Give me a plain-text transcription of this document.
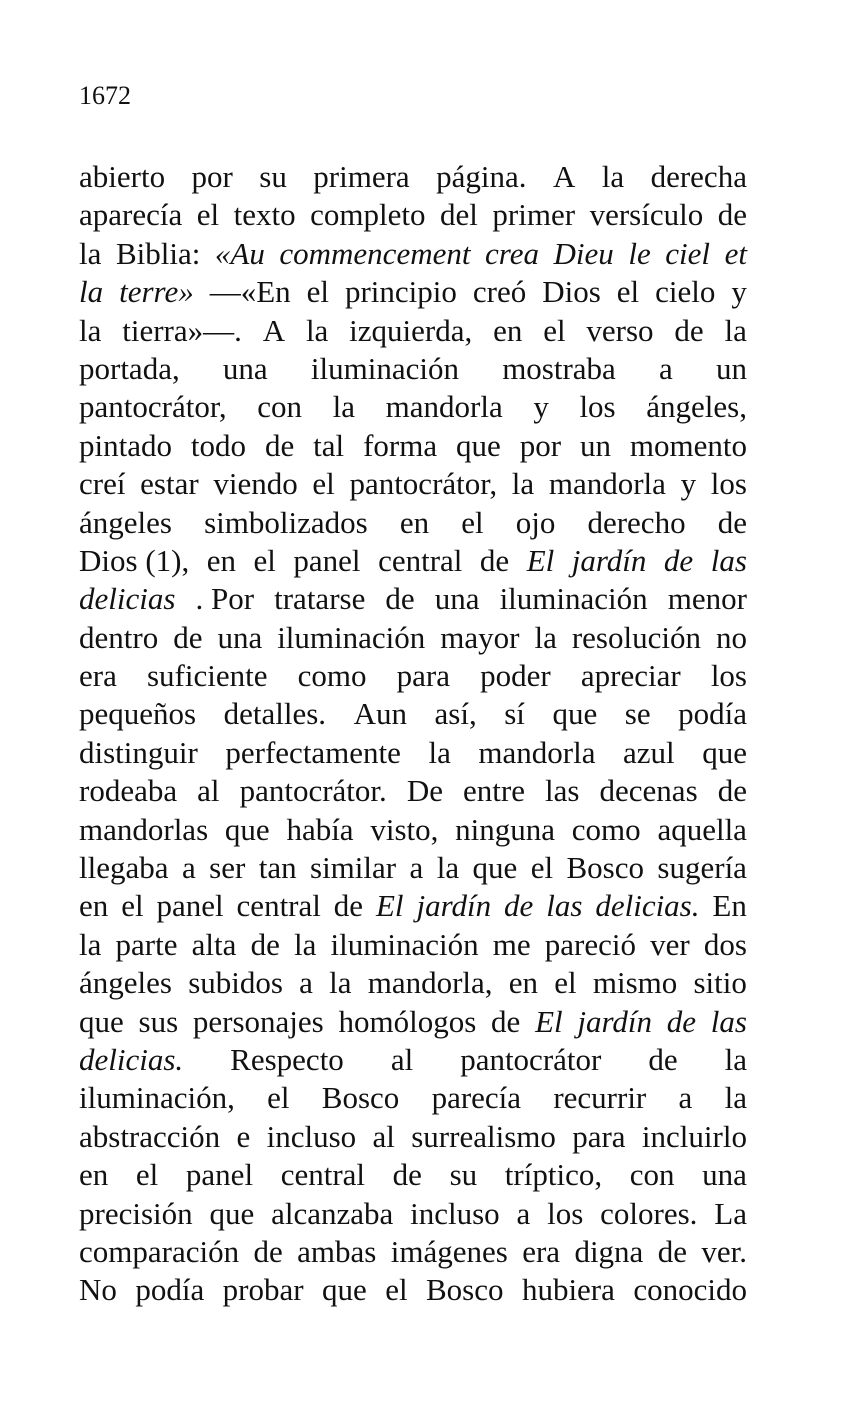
1672
abierto por su primera página. A la derecha
aparecía el texto completo del primer versículo de
la Biblia: «Au commencement crea Dieu le ciel et
la terre» —«En el principio creó Dios el cielo y
la tierra»—. A la izquierda, en el verso de la
portada, una iluminación mostraba a un
pantocrátor, con la mandorla y los ángeles,
pintado todo de tal forma que por un momento
creí estar viendo el pantocrátor, la mandorla y los
ángeles simbolizados en el ojo derecho de
Dios (1), en el panel central de El jardín de las
delicias . Por tratarse de una iluminación menor
dentro de una iluminación mayor la resolución no
era suficiente como para poder apreciar los
pequeños detalles. Aun así, sí que se podía
distinguir perfectamente la mandorla azul que
rodeaba al pantocrátor. De entre las decenas de
mandorlas que había visto, ninguna como aquella
llegaba a ser tan similar a la que el Bosco sugería
en el panel central de El jardín de las delicias. En
la parte alta de la iluminación me pareció ver dos
ángeles subidos a la mandorla, en el mismo sitio
que sus personajes homólogos de El jardín de las
delicias. Respecto al pantocrátor de la
iluminación, el Bosco parecía recurrir a la
abstracción e incluso al surrealismo para incluirlo
en el panel central de su tríptico, con una
precisión que alcanzaba incluso a los colores. La
comparación de ambas imágenes era digna de ver.
No podía probar que el Bosco hubiera conocido
